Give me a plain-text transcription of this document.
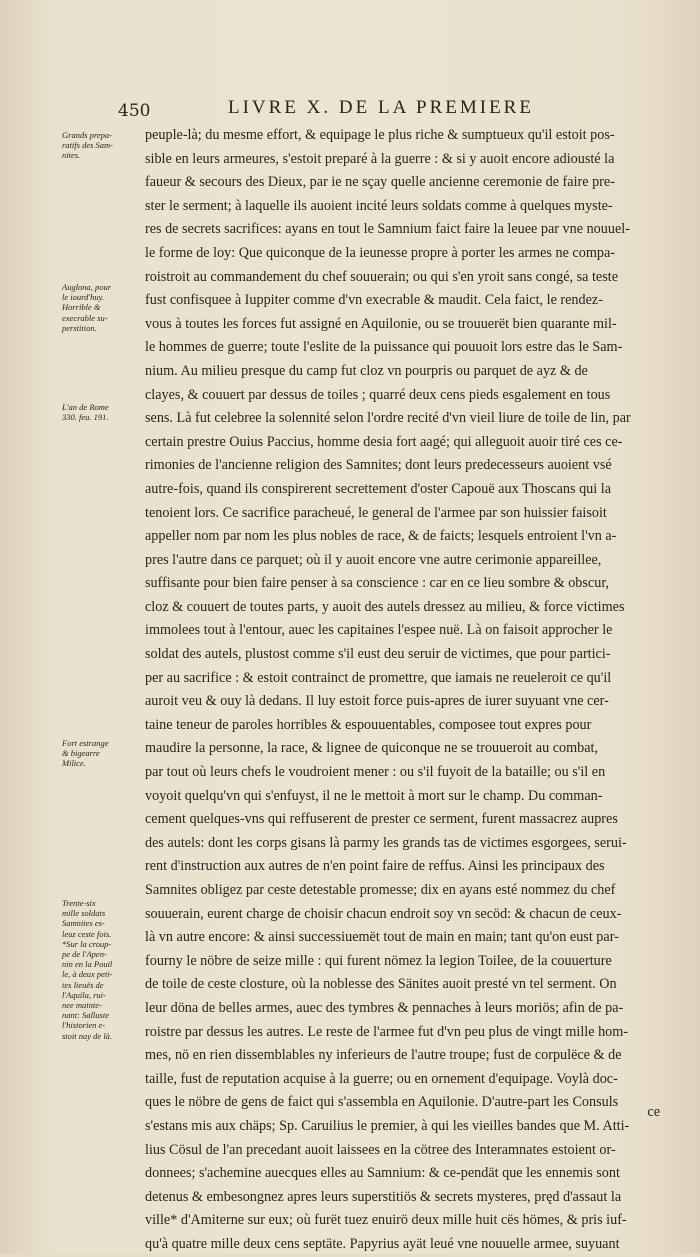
450	LIVRE X. DE LA PREMIERE
Grands prepa-
ratifs des Sam-
nites.
Auglona, pour
le iourd'huy.
Horrible &
execrable su-
perstition.
L'an de Rome
330. feu. 191.
Fort estrange
& bigearre
Milice.
Trente-six
mille soldats
Samnites es-
leuz ceste fois.
*Sur la croup-
pe de l'Apen-
nin en la Pouil
le, à deux peti-
tes lieuës de
l'Aquila, rui-
nee mainte-
nant: Salluste
l'historien e-
stoit nay de là.
peuple-là; du mesme effort, & equipage le plus riche & sumptueux qu'il estoit pos-
sible en leurs armeures, s'estoit preparé à la guerre : & si y auoit encore adiousté la
faueur & secours des Dieux, par ie ne sçay quelle ancienne ceremonie de faire pre-
ster le serment; à laquelle ils auoient incité leurs soldats comme à quelques myste-
res de secrets sacrifices: ayans en tout le Samnium faict faire la leuee par vne nouuel-
le forme de loy: Que quiconque de la ieunesse propre à porter les armes ne compa-
roistroit au commandement du chef souuerain; ou qui s'en yroit sans congé, sa teste
fust confisquee à Iuppiter comme d'vn execrable & maudit. Cela faict, le rendez-
vous à toutes les forces fut assigné en Aquilonie, ou se trouuerët bien quarante mil-
le hommes de guerre; toute l'eslite de la puissance qui pouuoit lors estre das le Sam-
nium. Au milieu presque du camp fut cloz vn pourpris ou parquet de ayz & de
clayes, & couuert par dessus de toiles ; quarré deux cens pieds esgalement en tous
sens. Là fut celebree la solennité selon l'ordre recité d'vn vieil liure de toile de lin, par
certain prestre Ouius Paccius, homme desia fort aagé; qui alleguoit auoir tiré ces ce-
rimonies de l'ancienne religion des Samnites; dont leurs predecesseurs auoient vsé
autre-fois, quand ils conspirerent secrettement d'oster Capouë aux Thoscans qui la
tenoient lors. Ce sacrifice paracheué, le general de l'armee par son huissier faisoit
appeller nom par nom les plus nobles de race, & de faicts; lesquels entroient l'vn a-
pres l'autre dans ce parquet; où il y auoit encore vne autre cerimonie appareillee,
suffisante pour bien faire penser à sa conscience : car en ce lieu sombre & obscur,
cloz & couuert de toutes parts, y auoit des autels dressez au milieu, & force victimes
immolees tout à l'entour, auec les capitaines l'espee nuë. Là on faisoit approcher le
soldat des autels, plustost comme s'il eust deu seruir de victimes, que pour partici-
per au sacrifice : & estoit contrainct de promettre, que iamais ne reueleroit ce qu'il
auroit veu & ouy là dedans. Il luy estoit force puis-apres de iurer suyuant vne cer-
taine teneur de paroles horribles & espouuentables, composee tout expres pour
maudire la personne, la race, & lignee de quiconque ne se trouueroit au combat,
par tout où leurs chefs le voudroient mener : ou s'il fuyoit de la bataille; ou s'il en
voyoit quelqu'vn qui s'enfuyst, il ne le mettoit à mort sur le champ. Du comman-
cement quelques-vns qui reffuserent de prester ce serment, furent massacrez aupres
des autels: dont les corps gisans là parmy les grands tas de victimes esgorgees, serui-
rent d'instruction aux autres de n'en point faire de reffus. Ainsi les principaux des
Samnites obligez par ceste detestable promesse; dix en ayans esté nommez du chef
souuerain, eurent charge de choisir chacun endroit soy vn secöd: & chacun de ceux-
là vn autre encore: & ainsi successiuemët tout de main en main; tant qu'on eust par-
fourny le nöbre de seize mille : qui furent nömez la legion Toilee, de la couuerture
de toile de ceste closture, où la noblesse des Sänites auoit presté vn tel serment. On
leur döna de belles armes, auec des tymbres & pennaches à leurs moriös; afin de pa-
roistre par dessus les autres. Le reste de l'armee fut d'vn peu plus de vingt mille hom-
mes, nö en rien dissemblables ny inferieurs de l'autre troupe; fust de corpulëce & de
taille, fust de reputation acquise à la guerre; ou en ornement d'equipage. Voylà doc-
ques le nöbre de gens de faict qui s'assembla en Aquilonie. D'autre-part les Consuls
s'estans mis aux chäps; Sp. Caruilius le premier, à qui les vieilles bandes que M. Atti-
lius Cösul de l'an precedant auoit laissees en la cötree des Interamnates estoient or-
donnees; s'achemine auecques elles au Samnium: & ce-pendät que les ennemis sont
detenus & embesongnez apres leurs superstitiös & secrets mysteres, pręd d'assaut la
ville* d'Amiterne sur eux; où furët tuez enuirö deux mille huit cës hömes, & pris iuf-
qu'à quatre mille deux cens septäte. Papyrius ayät leué vne nouuelle armee, suyuant
ce
